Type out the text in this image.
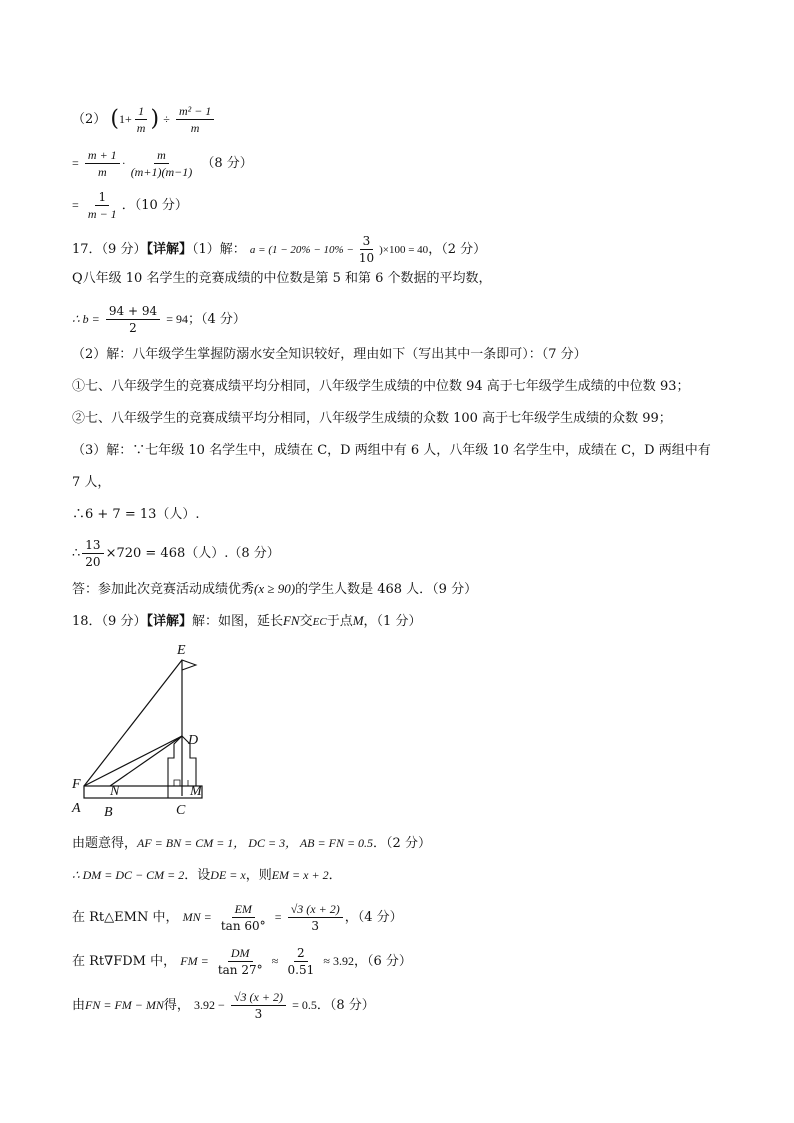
（2） ($1+ \frac{1}{m}$ ) ÷ $\frac{\text{m² − 1}}{m}$
= $\frac{m + 1}{m} \cdot \frac{m}{(m+1)(m-1)} (8$ 分）
= $\frac{1}{m - 1}$ ．（10 分）
17．（9 分）【详解】（1）解： $a = (1 - 20\% - 10\% - \frac{3}{10} )\times 100 = 40$，（2 分）
Q八年级 10 名学生的竞赛成绩的中位数是第 5 和第 6 个数据的平均数，
∴ $b = \frac{94 + 94}{2} = 94$；（4 分）
（2）解：八年级学生掌握防溺水安全知识较好，理由如下（写出其中一条即可）：（7 分）
①七、八年级学生的竞赛成绩平均分相同，八年级学生成绩的中位数 94 高于七年级学生成绩的中位数 93；
②七、八年级学生的竞赛成绩平均分相同，八年级学生成绩的众数 100 高于七年级学生成绩的众数 99；
（3）解：∵七年级 10 名学生中，成绩在 C，D 两组中有 6 人，八年级 10 名学生中，成绩在 C，D 两组中有
7 人，
∴6 + 7 = 13（人）.
∴ $\frac{13}{20} \times 720 = 468$（人）.（8 分）
答：参加此次竞赛活动成绩优秀(x ≥ 90)的学生人数是 468 人．（9 分）
18．（9 分）【详解】解：如图，延长FN交EC于点M，（1 分）
E
D
F N	M
A B	C
由题意得，AF = BN = CM = 1， DC = 3， AB = FN = 0.5．（2 分）
∴ DM = DC − CM = 2．设DE = x，则EM = x + 2．
在 Rt△EMN 中， MN = $\frac{EM}{\tan 60^\circ} = \frac{√3 (x + 2)}{3}$ ，（4 分）
在 Rt∇FDM 中， FM = $\frac{DM}{\tan 27^\circ} \approx \frac{2}{0.51} \approx 3.92$，（6 分）
由FN = FM − MN得， $3.92 - \frac{√3 (x + 2)}{3} = 0.5$．（8 分）
